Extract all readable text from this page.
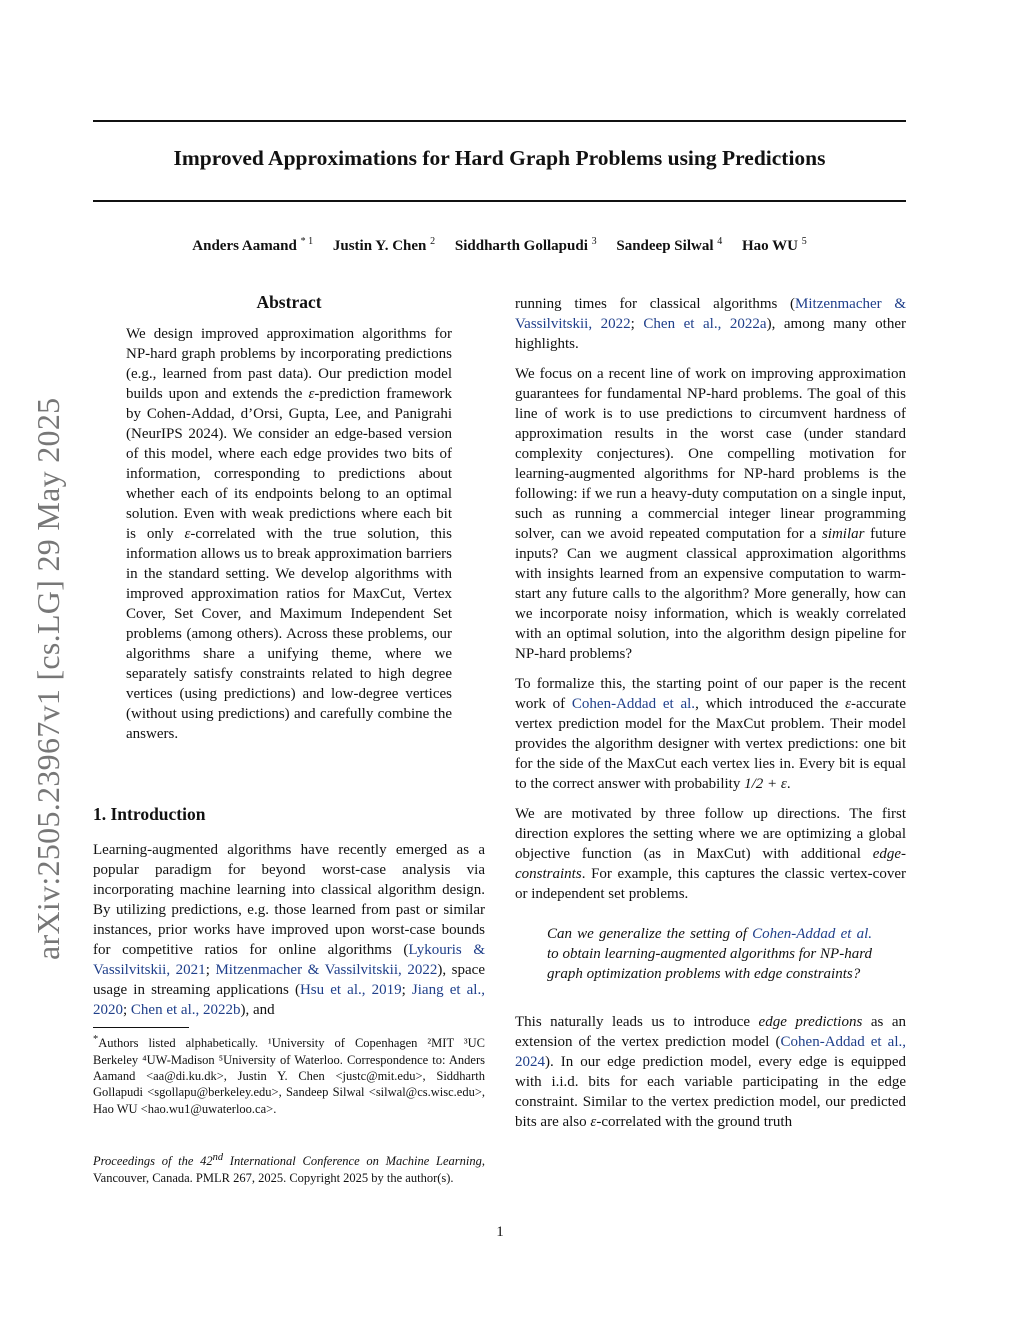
arXiv:2505.23967v1 [cs.LG] 29 May 2025
Improved Approximations for Hard Graph Problems using Predictions
Anders Aamand $^{* 1}$ Justin Y. Chen $^2$ Siddharth Gollapudi $^3$ Sandeep Silwal $^4$ Hao WU $^5$
Abstract
We design improved approximation algorithms for NP-hard graph problems by incorporating predictions (e.g., learned from past data). Our prediction model builds upon and extends the ε-prediction framework by Cohen-Addad, d’Orsi, Gupta, Lee, and Panigrahi (NeurIPS 2024). We consider an edge-based version of this model, where each edge provides two bits of information, corresponding to predictions about whether each of its endpoints belong to an optimal solution. Even with weak predictions where each bit is only ε-correlated with the true solution, this information allows us to break approximation barriers in the standard setting. We develop algorithms with improved approximation ratios for MaxCut, Vertex Cover, Set Cover, and Maximum Independent Set problems (among others). Across these problems, our algorithms share a unifying theme, where we separately satisfy constraints related to high degree vertices (using predictions) and low-degree vertices (without using predictions) and carefully combine the answers.
1. Introduction

Learning-augmented algorithms have recently emerged as a popular paradigm for beyond worst-case analysis via incorporating machine learning into classical algorithm design. By utilizing predictions, e.g. those learned from past or similar instances, prior works have improved upon worst-case bounds for competitive ratios for online algorithms (Lykouris & Vassilvitskii, 2021; Mitzenmacher & Vassilvitskii, 2022), space usage in streaming applications (Hsu et al., 2019; Jiang et al., 2020; Chen et al., 2022b), and

*Authors listed alphabetically. ¹University of Copenhagen ²MIT ³UC Berkeley ⁴UW-Madison ⁵University of Waterloo. Correspondence to: Anders Aamand <aa@di.ku.dk>, Justin Y. Chen <justc@mit.edu>, Siddharth Gollapudi <sgollapu@berkeley.edu>, Sandeep Silwal <silwal@cs.wisc.edu>, Hao WU <hao.wu1@uwaterloo.ca>.
Proceedings of the 42nd International Conference on Machine Learning, Vancouver, Canada. PMLR 267, 2025. Copyright 2025 by the author(s).

running times for classical algorithms (Mitzenmacher & Vassilvitskii, 2022; Chen et al., 2022a), among many other highlights.

We focus on a recent line of work on improving approximation guarantees for fundamental NP-hard problems. The goal of this line of work is to use predictions to circumvent hardness of approximation results in the worst case (under standard complexity conjectures). One compelling motivation for learning-augmented algorithms for NP-hard problems is the following: if we run a heavy-duty computation on a single input, such as running a commercial integer linear programming solver, can we avoid repeated computation for a similar future inputs? Can we augment classical approximation algorithms with insights learned from an expensive computation to warm-start any future calls to the algorithm? More generally, how can we incorporate noisy information, which is weakly correlated with an optimal solution, into the algorithm design pipeline for NP-hard problems?

To formalize this, the starting point of our paper is the recent work of Cohen-Addad et al., which introduced the ε-accurate vertex prediction model for the MaxCut problem. Their model provides the algorithm designer with vertex predictions: one bit for the side of the MaxCut each vertex lies in. Every bit is equal to the correct answer with probability 1/2 + ε.

We are motivated by three follow up directions. The first direction explores the setting where we are optimizing a global objective function (as in MaxCut) with additional edge-constraints. For example, this captures the classic vertex-cover or independent set problems.

Can we generalize the setting of Cohen-Addad et al. to obtain learning-augmented algorithms for NP-hard graph optimization problems with edge constraints?

This naturally leads us to introduce edge predictions as an extension of the vertex prediction model (Cohen-Addad et al., 2024). In our edge prediction model, every edge is equipped with i.i.d. bits for each variable participating in the edge constraint. Similar to the vertex prediction model, our predicted bits are also ε-correlated with the ground truth

1
